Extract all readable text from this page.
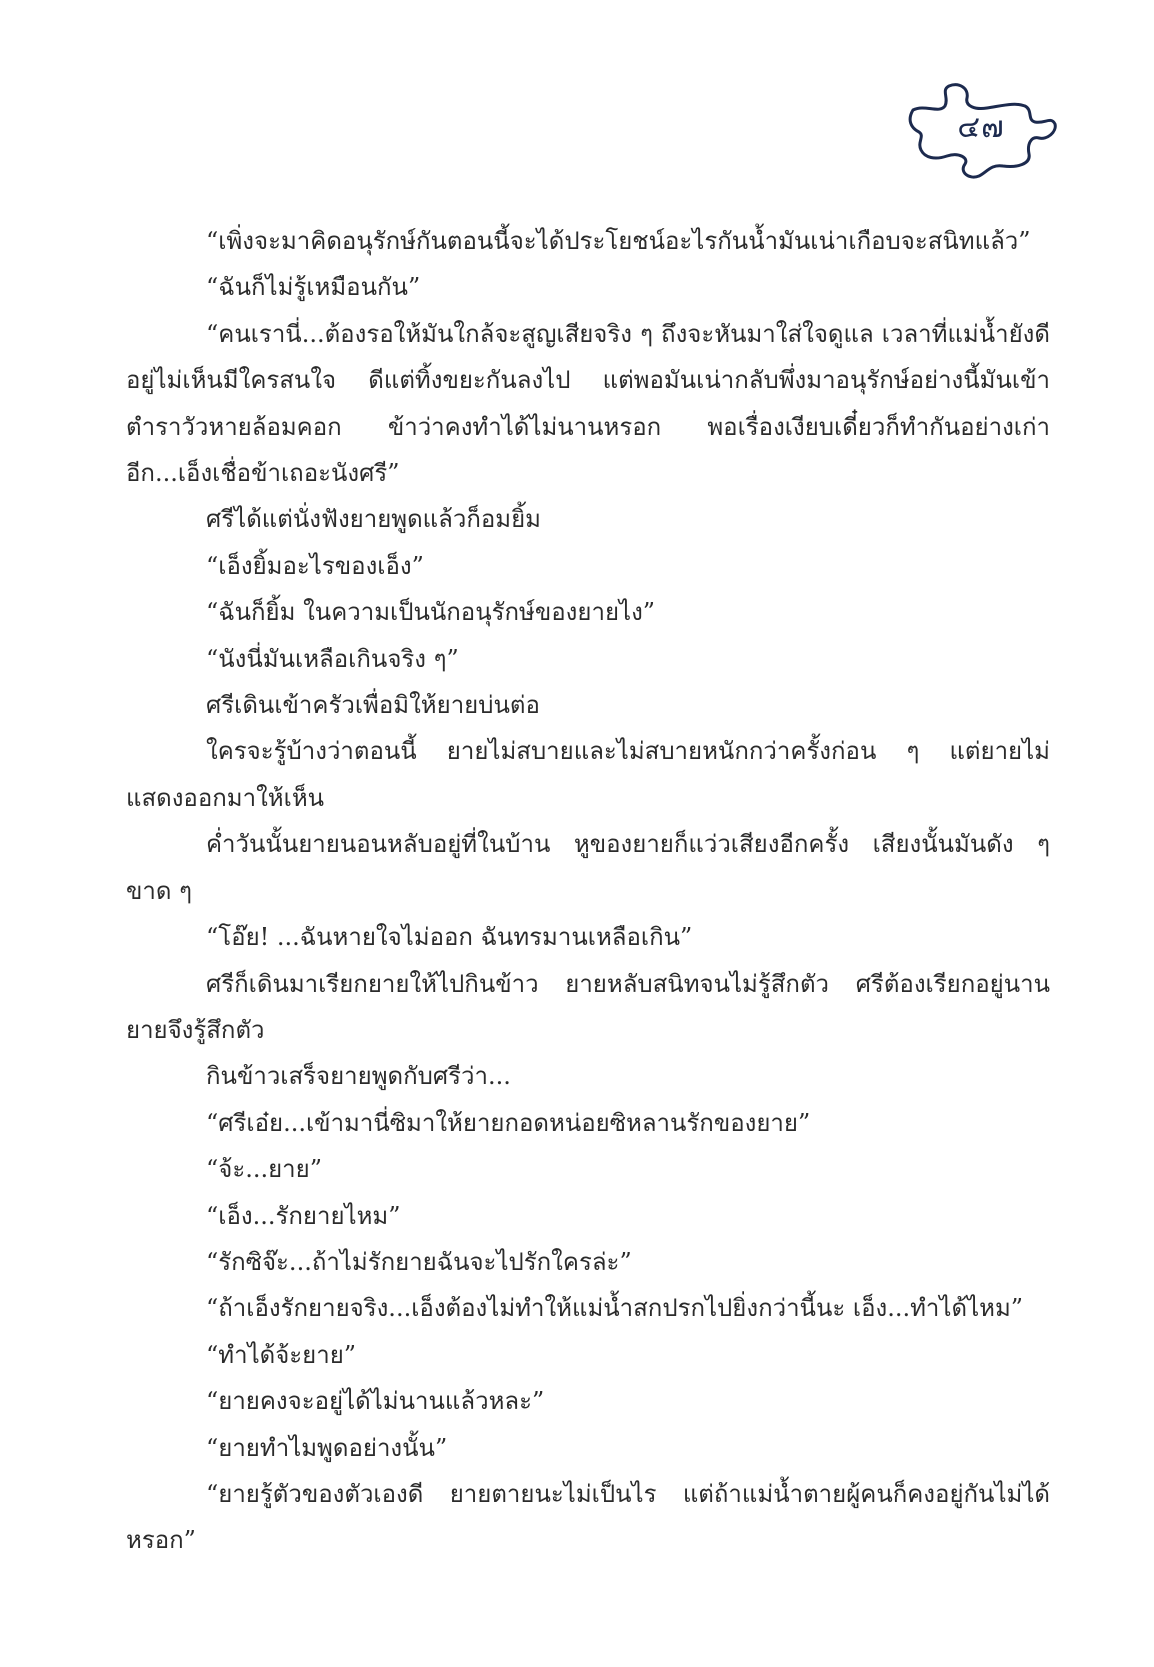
๔๗

“เพิ่งจะมาคิดอนุรักษ์กันตอนนี้จะได้ประโยชน์อะไรกันน้ำมันเน่าเกือบจะสนิทแล้ว”

“ฉันก็ไม่รู้เหมือนกัน”

“คนเรานี่...ต้องรอให้มันใกล้จะสูญเสียจริง ๆ ถึงจะหันมาใส่ใจดูแล เวลาที่แม่น้ำยังดีอยู่ไม่เห็นมีใครสนใจ ดีแต่ทิ้งขยะกันลงไป แต่พอมันเน่ากลับพึ่งมาอนุรักษ์อย่างนี้มันเข้าตำราวัวหายล้อมคอก ข้าว่าคงทำได้ไม่นานหรอก พอเรื่องเงียบเดี๋ยวก็ทำกันอย่างเก่าอีก...เอ็งเชื่อข้าเถอะนังศรี”

ศรีได้แต่นั่งฟังยายพูดแล้วก็อมยิ้ม

“เอ็งยิ้มอะไรของเอ็ง”

“ฉันก็ยิ้ม ในความเป็นนักอนุรักษ์ของยายไง”

“นังนี่มันเหลือเกินจริง ๆ”

ศรีเดินเข้าครัวเพื่อมิให้ยายบ่นต่อ

ใครจะรู้บ้างว่าตอนนี้ ยายไม่สบายและไม่สบายหนักกว่าครั้งก่อน ๆ แต่ยายไม่แสดงออกมาให้เห็น

ค่ำวันนั้นยายนอนหลับอยู่ที่ในบ้าน หูของยายก็แว่วเสียงอีกครั้ง เสียงนั้นมันดัง ๆ ขาด ๆ

“โอ๊ย! ...ฉันหายใจไม่ออก ฉันทรมานเหลือเกิน”

ศรีก็เดินมาเรียกยายให้ไปกินข้าว ยายหลับสนิทจนไม่รู้สึกตัว ศรีต้องเรียกอยู่นานยายจึงรู้สึกตัว

กินข้าวเสร็จยายพูดกับศรีว่า...

“ศรีเอ๋ย...เข้ามานี่ซิมาให้ยายกอดหน่อยซิหลานรักของยาย”

“จ้ะ...ยาย”

“เอ็ง...รักยายไหม”

“รักซิจ๊ะ...ถ้าไม่รักยายฉันจะไปรักใครล่ะ”

“ถ้าเอ็งรักยายจริง...เอ็งต้องไม่ทำให้แม่น้ำสกปรกไปยิ่งกว่านี้นะ เอ็ง...ทำได้ไหม”

“ทำได้จ้ะยาย”

“ยายคงจะอยู่ได้ไม่นานแล้วหละ”

“ยายทำไมพูดอย่างนั้น”

“ยายรู้ตัวของตัวเองดี ยายตายนะไม่เป็นไร แต่ถ้าแม่น้ำตายผู้คนก็คงอยู่กันไม่ได้หรอก”
